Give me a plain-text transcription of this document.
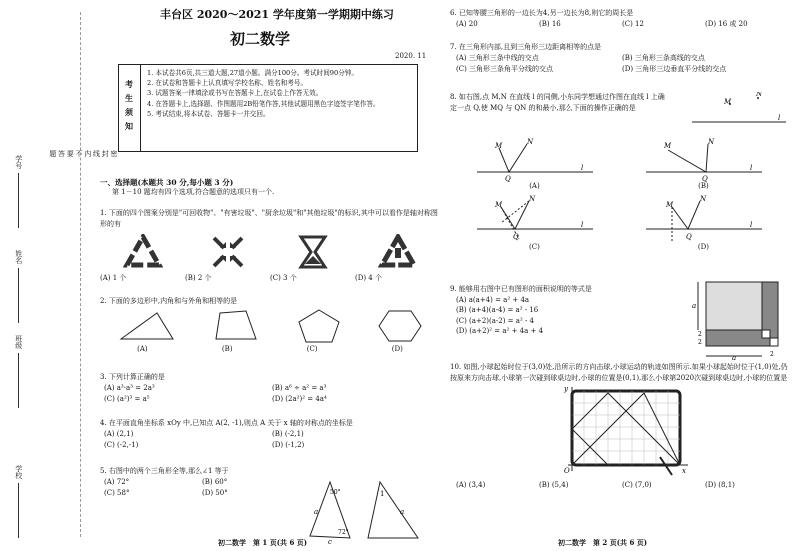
学校
班级
姓名
学号
密
封
线
内
不
要
答
题
丰台区 2020～2021 学年度第一学期期中练习
初二数学
2020. 11
考生须知
1. 本试卷共6页,共三道大题,27道小题。满分100分。考试时间90分钟。
2. 在试卷和答题卡上认真填写学校名称、姓名和考号。
3. 试题答案一律填涂或书写在答题卡上,在试卷上作答无效。
4. 在答题卡上,选择题、作图题用2B铅笔作答,其他试题用黑色字迹签字笔作答。
5. 考试结束,将本试卷、答题卡一并交回。
一、选择题(本题共 30 分,每小题 3 分)
第 1－10 题均有四个选项,符合题意的选项只有一个.
1. 下面的四个图案分别是"可回收物"、"有害垃圾"、"厨余垃圾"和"其他垃圾"的标识,其中可以看作是轴对称图形的有
(A) 1 个	(B) 2 个	(C) 3 个	(D) 4 个
2. 下面的多边形中,内角和与外角和相等的是
(A)	(B)	(C)	(D)
3. 下列计算正确的是
(A) a³·a³ = 2a³	(B) a⁶ ÷ a² = a³
(C) (a²)³ = a⁵	(D) (2a²)² = 4a⁴
4. 在平面直角坐标系 xOy 中,已知点 A(2, -1),则点 A 关于 x 轴的对称点的坐标是
(A) (2,1)	(B) (-2,1)
(C) (-2,-1)	(D) (-1,2)
5. 右图中的两个三角形全等,那么∠1 等于
(A) 72°	(B) 60°
(C) 58°	(D) 50°	50°
a
c
72°
1
a
初二数学　第 1 页(共 6 页)
6. 已知等腰三角形的一边长为4,另一边长为8,则它的周长是
(A) 20	(B) 16	(C) 12	(D) 16 或 20
7. 在三角形内部,且到三角形三边距离相等的点是
(A) 三角形三条中线的交点	(B) 三角形三条高线的交点
(C) 三角形三条角平分线的交点	(D) 三角形三边垂直平分线的交点
8. 如右图,点 M,N 在直线 l 的同侧,小东同学想通过作图在直线 l 上确定一点 Q,使 MQ 与 QN 的和最小,那么下面的操作正确的是
M
N
l
M	N
Q
l
M	N
Q
l
(A)	(B)
M
N
Q
l
M
N
Q
l
(C)	(D)
9. 能够用右图中已有图形的面积说明的等式是
(A) a(a+4) = a² + 4a
(B) (a+4)(a-4) = a² - 16
(C) (a+2)(a-2) = a² - 4
(D) (a+2)² = a² + 4a + 4
a
2
2
a	2
10. 如图,小球起始时位于(3,0)处,沿所示的方向击球,小球运动的轨迹如图所示.如果小球起始时位于(1,0)处,仍按原来方向击球,小球第一次碰到球桌边时,小球的位置是(0,1),那么小球第2020次碰到球桌边时,小球的位置是
y
x
O
(A) (3,4)	(B) (5,4)	(C) (7,0)	(D) (8,1)
初二数学　第 2 页(共 6 页)
